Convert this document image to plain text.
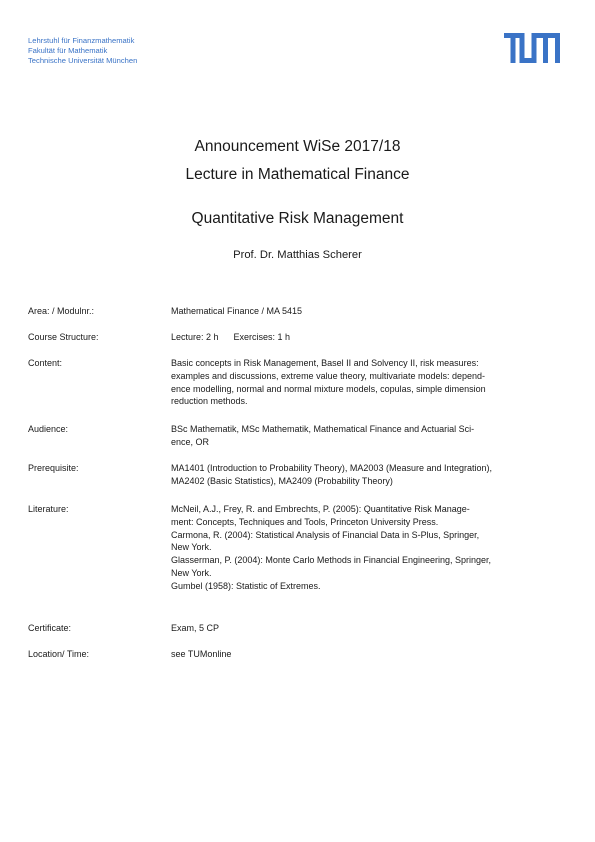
Lehrstuhl für Finanzmathematik
Fakultät für Mathematik
Technische Universität München
Announcement WiSe 2017/18
Lecture in Mathematical Finance
Quantitative Risk Management
Prof. Dr. Matthias Scherer
Area: / Modulnr.:	Mathematical Finance / MA 5415
Course Structure:	Lecture: 2 h Exercises: 1 h
Content:	Basic concepts in Risk Management, Basel II and Solvency II, risk measures:
examples and discussions, extreme value theory, multivariate models: depend-
ence modelling, normal and normal mixture models, copulas, simple dimension
reduction methods.
Audience:	BSc Mathematik, MSc Mathematik, Mathematical Finance and Actuarial Sci-
ence, OR
Prerequisite:	MA1401 (Introduction to Probability Theory), MA2003 (Measure and Integration),
MA2402 (Basic Statistics), MA2409 (Probability Theory)
Literature:	McNeil, A.J., Frey, R. and Embrechts, P. (2005): Quantitative Risk Manage-
ment: Concepts, Techniques and Tools, Princeton University Press.
Carmona, R. (2004): Statistical Analysis of Financial Data in S-Plus, Springer,
New York.
Glasserman, P. (2004): Monte Carlo Methods in Financial Engineering, Springer,
New York.
Gumbel (1958): Statistic of Extremes.
Certificate:	Exam, 5 CP
Location/ Time:	see TUMonline
